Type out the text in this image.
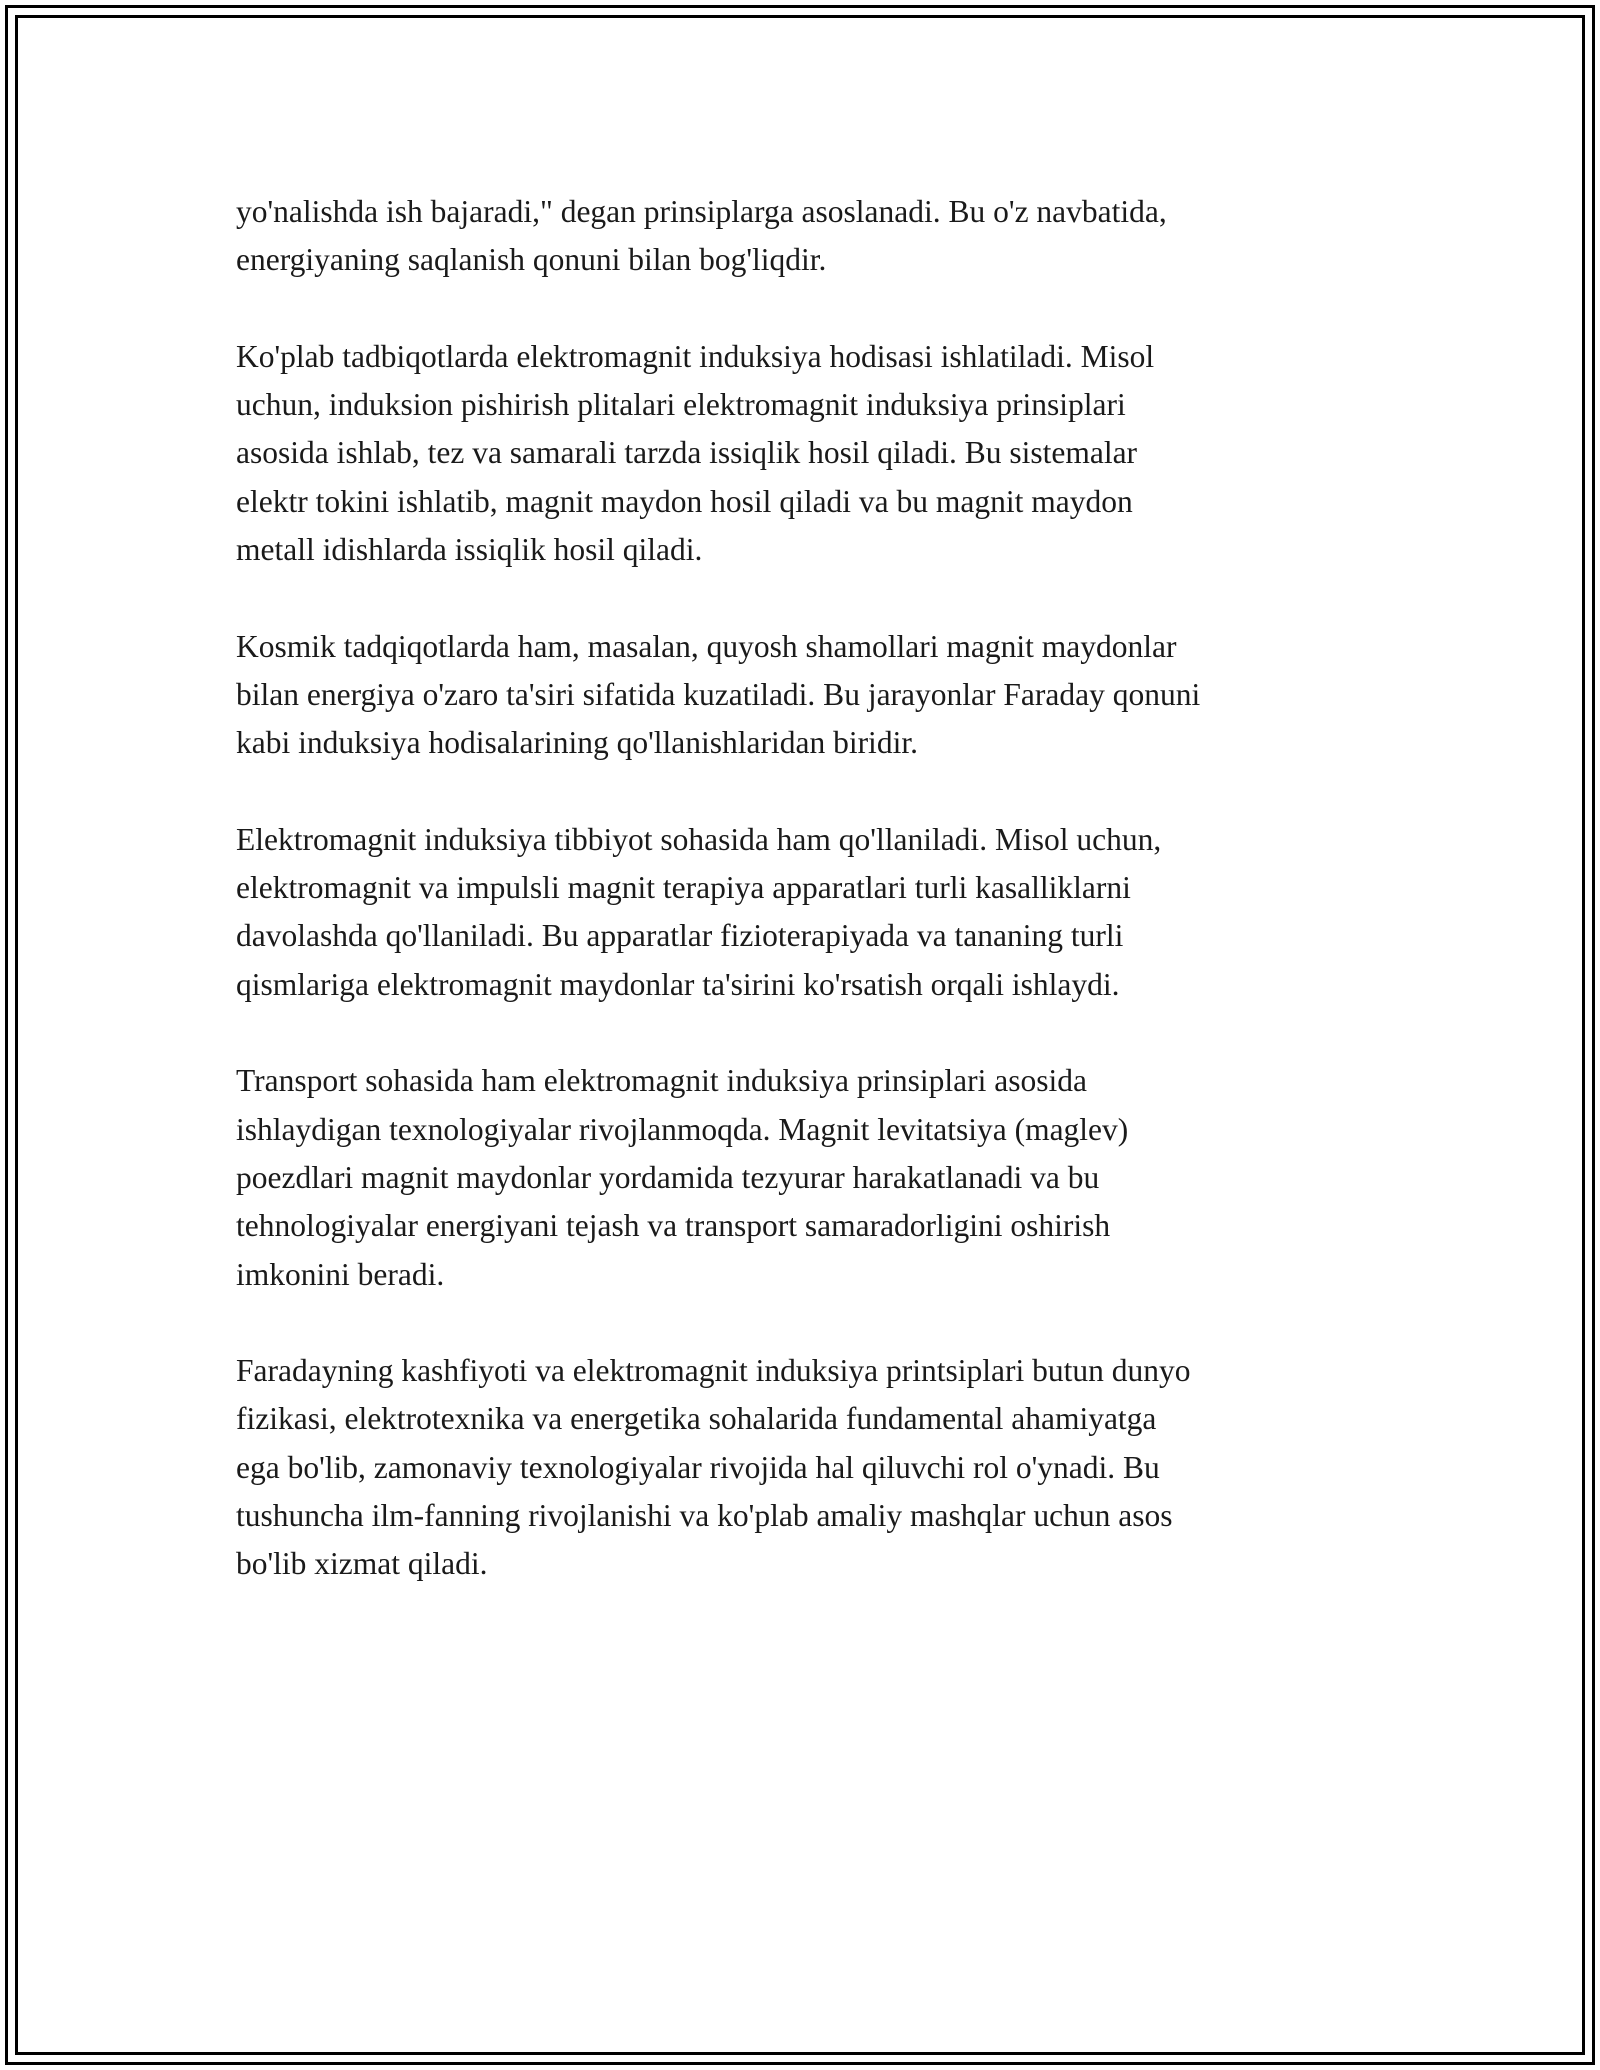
yo'nalishda ish bajaradi," degan prinsiplarga asoslanadi. Bu o'z navbatida,
energiyaning saqlanish qonuni bilan bog'liqdir.

Ko'plab tadbiqotlarda elektromagnit induksiya hodisasi ishlatiladi. Misol
uchun, induksion pishirish plitalari elektromagnit induksiya prinsiplari
asosida ishlab, tez va samarali tarzda issiqlik hosil qiladi. Bu sistemalar
elektr tokini ishlatib, magnit maydon hosil qiladi va bu magnit maydon
metall idishlarda issiqlik hosil qiladi.

Kosmik tadqiqotlarda ham, masalan, quyosh shamollari magnit maydonlar
bilan energiya o'zaro ta'siri sifatida kuzatiladi. Bu jarayonlar Faraday qonuni
kabi induksiya hodisalarining qo'llanishlaridan biridir.

Elektromagnit induksiya tibbiyot sohasida ham qo'llaniladi. Misol uchun,
elektromagnit va impulsli magnit terapiya apparatlari turli kasalliklarni
davolashda qo'llaniladi. Bu apparatlar fizioterapiyada va tananing turli
qismlariga elektromagnit maydonlar ta'sirini ko'rsatish orqali ishlaydi.

Transport sohasida ham elektromagnit induksiya prinsiplari asosida
ishlaydigan texnologiyalar rivojlanmoqda. Magnit levitatsiya (maglev)
poezdlari magnit maydonlar yordamida tezyurar harakatlanadi va bu
tehnologiyalar energiyani tejash va transport samaradorligini oshirish
imkonini beradi.

Faradayning kashfiyoti va elektromagnit induksiya printsiplari butun dunyo
fizikasi, elektrotexnika va energetika sohalarida fundamental ahamiyatga
ega bo'lib, zamonaviy texnologiyalar rivojida hal qiluvchi rol o'ynadi. Bu
tushuncha ilm-fanning rivojlanishi va ko'plab amaliy mashqlar uchun asos
bo'lib xizmat qiladi.
